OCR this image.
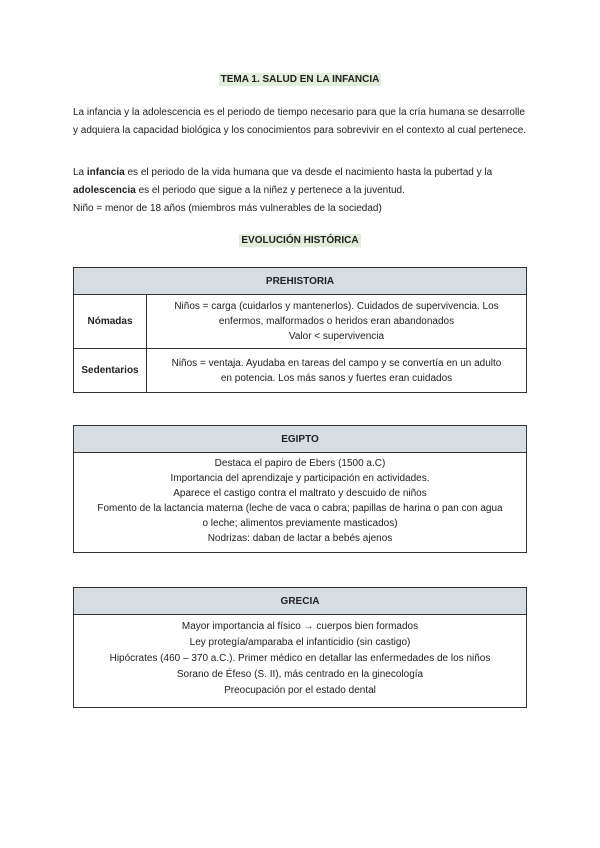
TEMA 1. SALUD EN LA INFANCIA
La infancia y la adolescencia es el periodo de tiempo necesario para que la cría humana se desarrolle y adquiera la capacidad biológica y los conocimientos para sobrevivir en el contexto al cual pertenece.
La infancia es el periodo de la vida humana que va desde el nacimiento hasta la pubertad y la adolescencia es el periodo que sigue a la niñez y pertenece a la juventud.
Niño = menor de 18 años (miembros más vulnerables de la sociedad)
EVOLUCIÓN HISTÓRICA
PREHISTORIA	
Nómadas	Niños = carga (cuidarlos y mantenerlos). Cuidados de supervivencia. Los
enfermos, malformados o heridos eran abandonados
Valor < supervivencia

Sedentarios	Niños = ventaja. Ayudaba en tareas del campo y se convertía en un adulto
en potencia. Los más sanos y fuertes eran cuidados
EGIPTO

Destaca el papiro de Ebers (1500 a.C)
Importancia del aprendizaje y participación en actividades.
Aparece el castigo contra el maltrato y descuido de niños
Fomento de la lactancia materna (leche de vaca o cabra; papillas de harina o pan con agua
o leche; alimentos previamente masticados)
Nodrizas: daban de lactar a bebés ajenos
GRECIA

Mayor importancia al físico → cuerpos bien formados
Ley protegía/amparaba el infanticidio (sin castigo)
Hipócrates (460 – 370 a.C.). Primer médico en detallar las enfermedades de los niños
Sorano de Éfeso (S. II), más centrado en la ginecología
Preocupación por el estado dental
